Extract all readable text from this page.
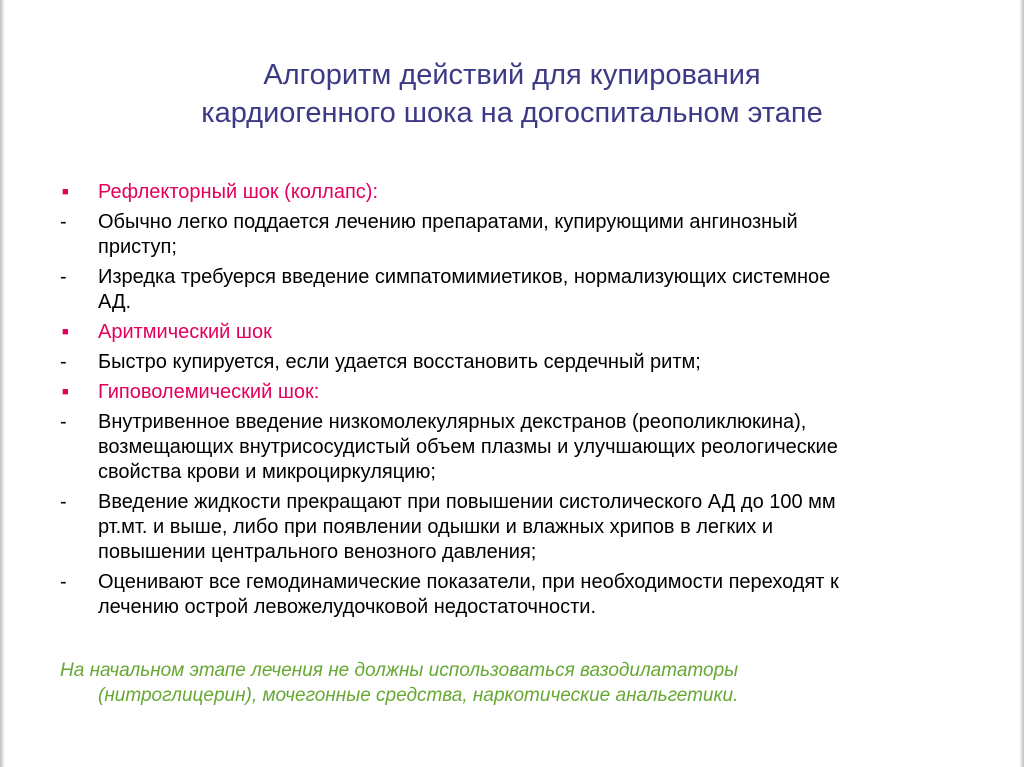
Алгоритм действий для купирования
кардиогенного шока на догоспитальном этапе
■	Рефлекторный шок (коллапс):
-	Обычно легко поддается лечению препаратами, купирующими ангинозный
приступ;
-	Изредка требуерся введение симпатомимиетиков, нормализующих системное
АД.
■	Аритмический шок
-	Быстро купируется, если удается восстановить сердечный ритм;
■	Гиповолемический шок:
-	Внутривенное введение низкомолекулярных декстранов (реополиклюкина),
возмещающих внутрисосудистый объем плазмы и улучшающих реологические
свойства крови и микроциркуляцию;
-	Введение жидкости прекращают при повышении систолического АД до 100 мм
рт.мт. и выше, либо при появлении одышки и влажных хрипов в легких и
повышении центрального венозного давления;
-	Оценивают все гемодинамические показатели, при необходимости переходят к
лечению острой левожелудочковой недостаточности.
На начальном этапе лечения не должны использоваться вазодилататоры
(нитроглицерин), мочегонные средства, наркотические анальгетики.
